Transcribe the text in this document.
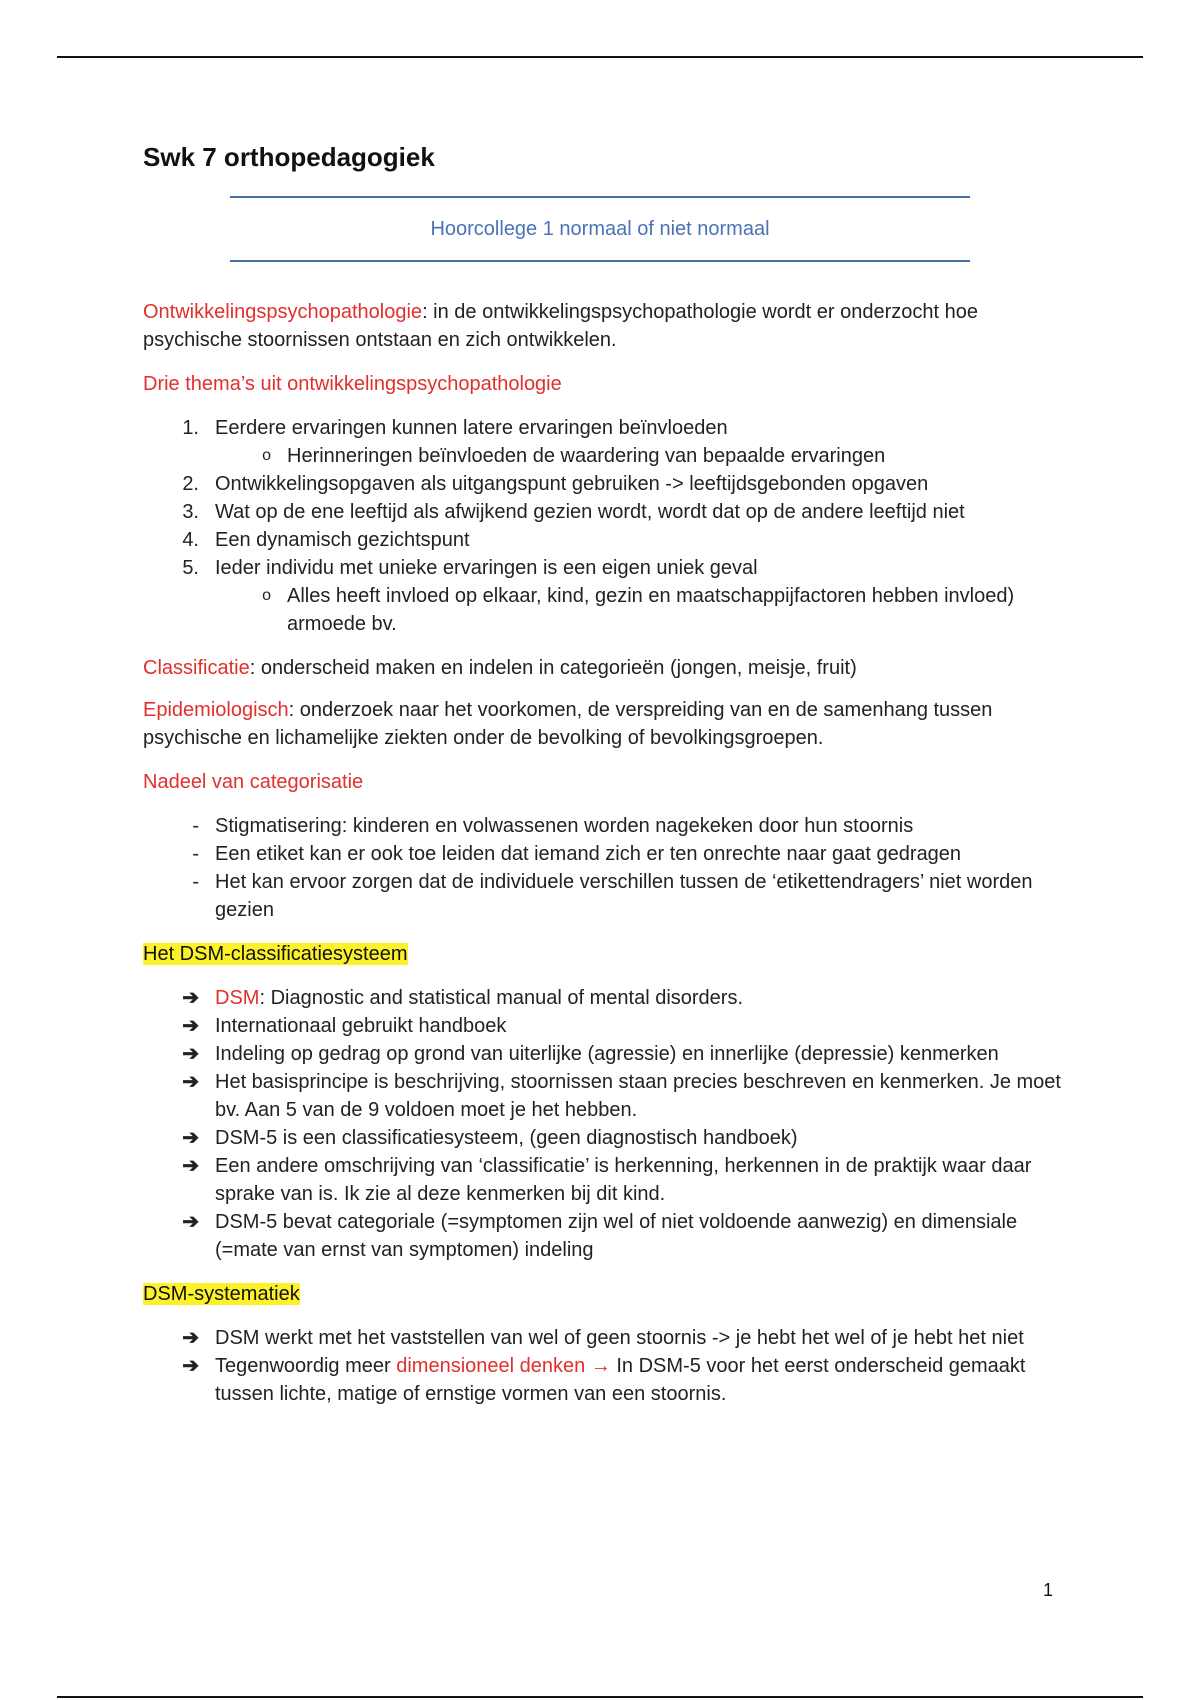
Swk 7 orthopedagogiek
Hoorcollege 1 normaal of niet normaal

Ontwikkelingspsychopathologie: in de ontwikkelingspsychopathologie wordt er onderzocht hoe psychische stoornissen ontstaan en zich ontwikkelen.

Drie thema’s uit ontwikkelingspsychopathologie

1. Eerdere ervaringen kunnen latere ervaringen beïnvloeden
o Herinneringen beïnvloeden de waardering van bepaalde ervaringen
2. Ontwikkelingsopgaven als uitgangspunt gebruiken -> leeftijdsgebonden opgaven
3. Wat op de ene leeftijd als afwijkend gezien wordt, wordt dat op de andere leeftijd niet
4. Een dynamisch gezichtspunt
5. Ieder individu met unieke ervaringen is een eigen uniek geval
o Alles heeft invloed op elkaar, kind, gezin en maatschappijfactoren hebben invloed) armoede bv.

Classificatie: onderscheid maken en indelen in categorieën (jongen, meisje, fruit)

Epidemiologisch: onderzoek naar het voorkomen, de verspreiding van en de samenhang tussen psychische en lichamelijke ziekten onder de bevolking of bevolkingsgroepen.

Nadeel van categorisatie

- Stigmatisering: kinderen en volwassenen worden nagekeken door hun stoornis
- Een etiket kan er ook toe leiden dat iemand zich er ten onrechte naar gaat gedragen
- Het kan ervoor zorgen dat de individuele verschillen tussen de ‘etikettendragers’ niet worden gezien

Het DSM-classificatiesysteem

➔ DSM: Diagnostic and statistical manual of mental disorders.
➔ Internationaal gebruikt handboek
➔ Indeling op gedrag op grond van uiterlijke (agressie) en innerlijke (depressie) kenmerken
➔ Het basisprincipe is beschrijving, stoornissen staan precies beschreven en kenmerken. Je moet bv. Aan 5 van de 9 voldoen moet je het hebben.
➔ DSM-5 is een classificatiesysteem, (geen diagnostisch handboek)
➔ Een andere omschrijving van ‘classificatie’ is herkenning, herkennen in de praktijk waar daar sprake van is. Ik zie al deze kenmerken bij dit kind.
➔ DSM-5 bevat categoriale (=symptomen zijn wel of niet voldoende aanwezig) en dimensiale (=mate van ernst van symptomen) indeling

DSM-systematiek

➔ DSM werkt met het vaststellen van wel of geen stoornis -> je hebt het wel of je hebt het niet
➔ Tegenwoordig meer dimensioneel denken → In DSM-5 voor het eerst onderscheid gemaakt tussen lichte, matige of ernstige vormen van een stoornis.
1
